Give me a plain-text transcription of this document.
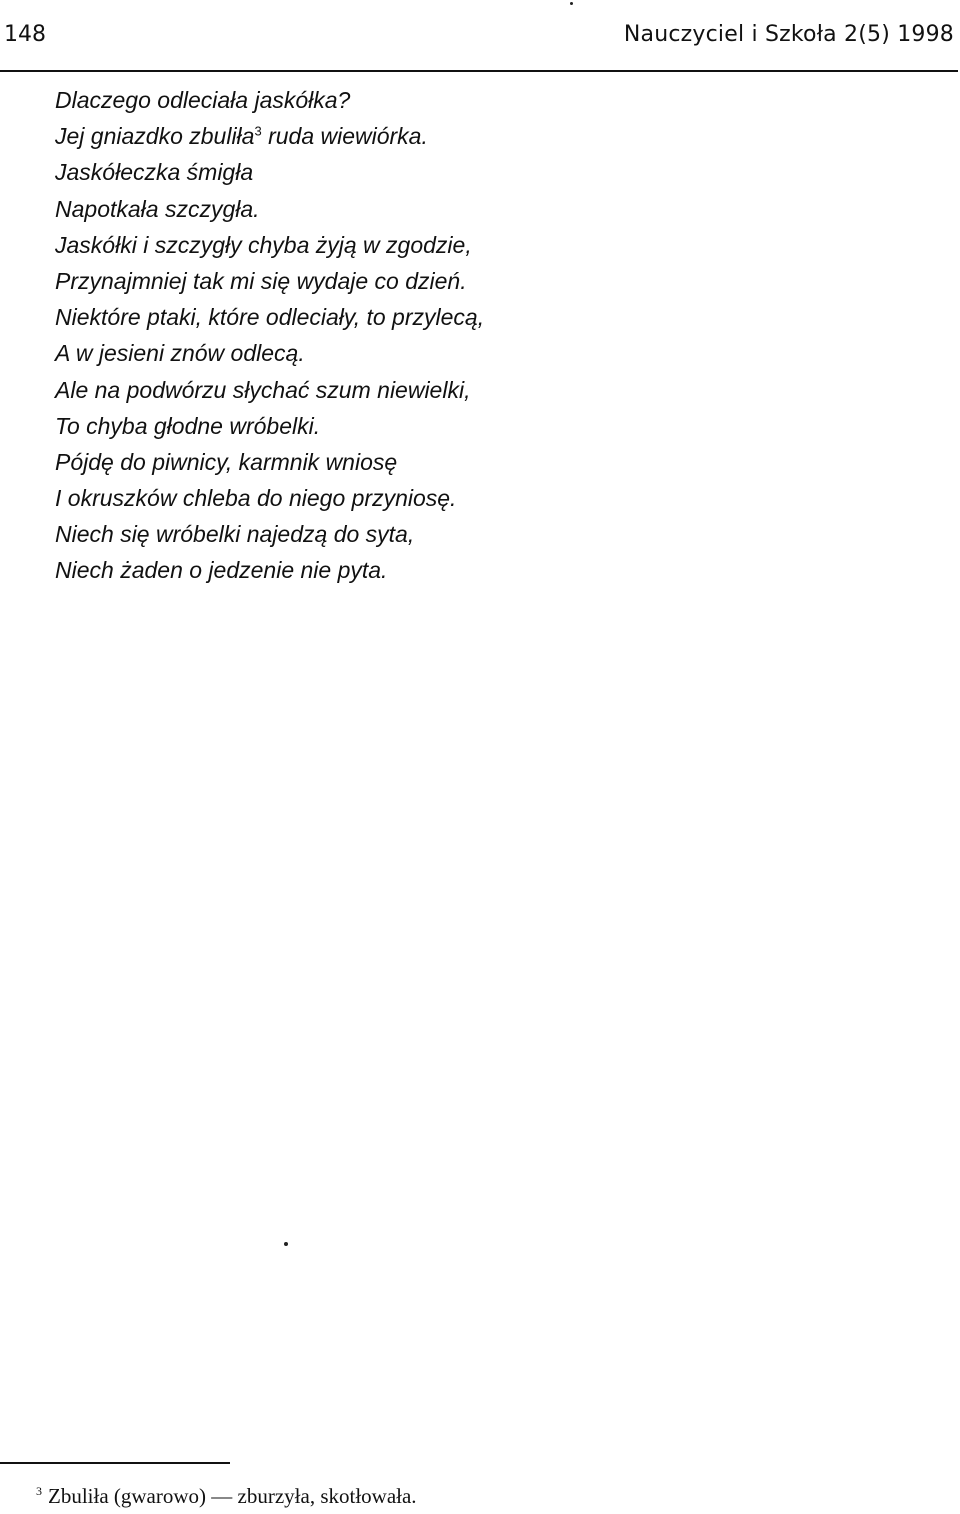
148	Nauczyciel i Szkoła 2(5) 1998
Dlaczego odleciała jaskółka?
Jej gniazdko zbuliła$^3$ ruda wiewiórka.
Jaskółeczka śmigła
Napotkała szczygła.
Jaskółki i szczygły chyba żyją w zgodzie,
Przynajmniej tak mi się wydaje co dzień.
Niektóre ptaki, które odleciały, to przylecą,
A w jesieni znów odlecą.
Ale na podwórzu słychać szum niewielki,
To chyba głodne wróbelki.
Pójdę do piwnicy, karmnik wniosę
I okruszków chleba do niego przyniosę.
Niech się wróbelki najedzą do syta,
Niech żaden o jedzenie nie pyta.
$^3$ Zbuliła (gwarowo) — zburzyła, skotłowała.
